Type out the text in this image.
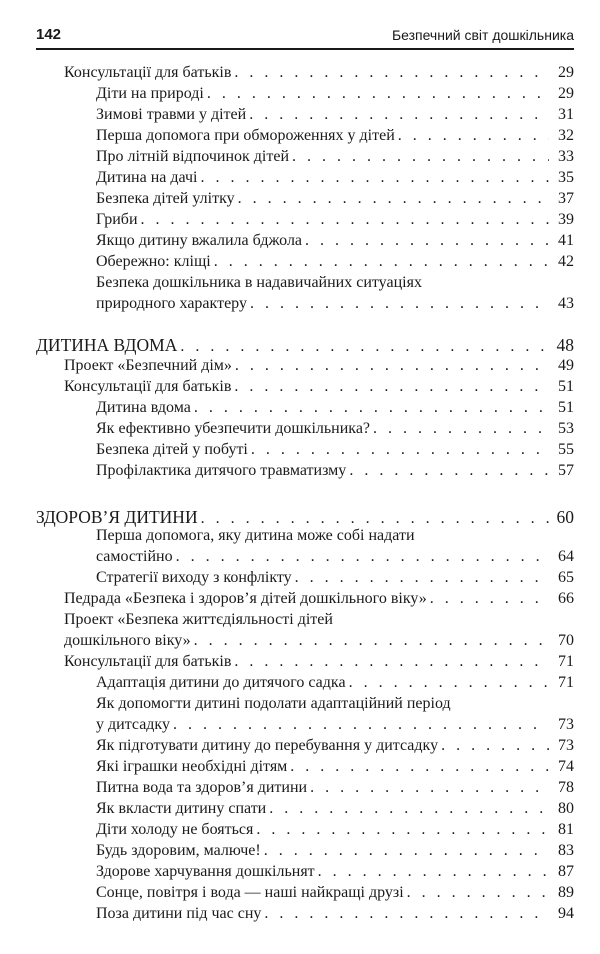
142	Безпечний світ дошкільника
Консультації для батьків . . .	29
Діти на природі . . .	29
Зимові травми у дітей . . .	31
Перша допомога при обмороженнях у дітей . . .	32
Про літній відпочинок дітей . . .	33
Дитина на дачі . . .	35
Безпека дітей улітку . . .	37
Гриби . . .	39
Якщо дитину вжалила бджола . . .	41
Обережно: кліщі . . .	42
Безпека дошкільника в надавичайних ситуаціях
природного характеру . . .	43
ДИТИНА ВДОМА . . .	48
Проект «Безпечний дім» . . .	49
Консультації для батьків . . .	51
Дитина вдома . . .	51
Як ефективно убезпечити дошкільника? . . .	53
Безпека дітей у побуті . . .	55
Профілактика дитячого травматизму . . .	57
ЗДОРОВ’Я ДИТИНИ . . .	60
Перша допомога, яку дитина може собі надати
самостійно . . .	64
Стратегії виходу з конфлікту . . .	65
Педрада «Безпека і здоров’я дітей дошкільного віку» . . .	66
Проект «Безпека життєдіяльності дітей
дошкільного віку» . . .	70
Консультації для батьків . . .	71
Адаптація дитини до дитячого садка . . .	71
Як допомогти дитині подолати адаптаційний період
у дитсадку . . .	73
Як підготувати дитину до перебування у дитсадку . . .	73
Які іграшки необхідні дітям . . .	74
Питна вода та здоров’я дитини . . .	78
Як вкласти дитину спати . . .	80
Діти холоду не бояться . . .	81
Будь здоровим, малюче! . . .	83
Здорове харчування дошкільнят . . .	87
Сонце, повітря і вода — наші найкращі друзі . . .	89
Поза дитини під час сну . . .	94
